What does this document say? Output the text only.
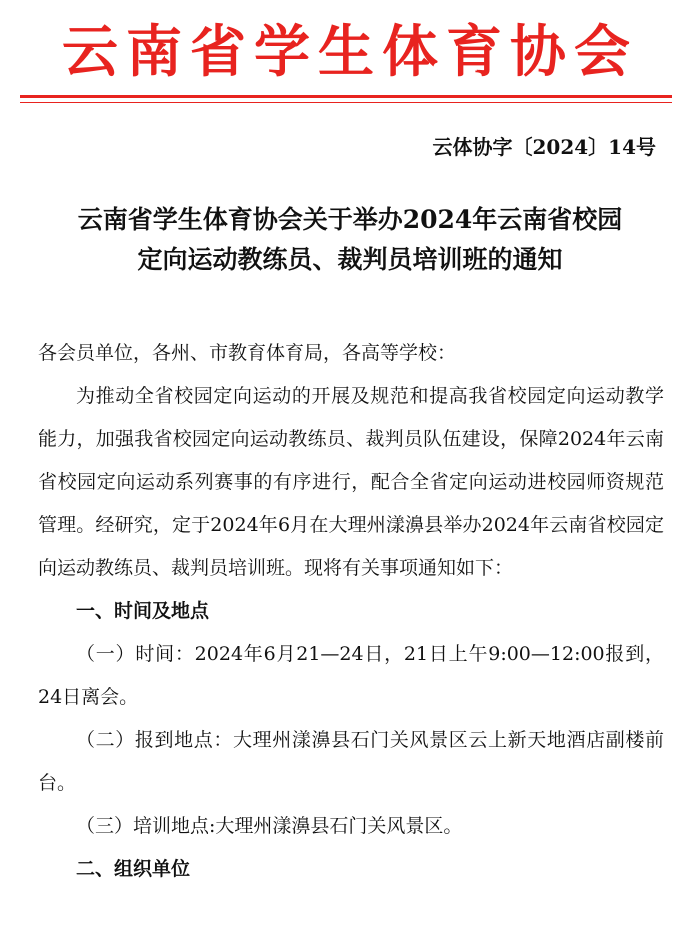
云南省学生体育协会
云体协字〔2024〕14号
云南省学生体育协会关于举办2024年云南省校园
定向运动教练员、裁判员培训班的通知

各会员单位，各州、市教育体育局，各高等学校：

为推动全省校园定向运动的开展及规范和提高我省校园定向运动教学能力，加强我省校园定向运动教练员、裁判员队伍建设，保障2024年云南省校园定向运动系列赛事的有序进行，配合全省定向运动进校园师资规范管理。经研究，定于2024年6月在大理州漾濞县举办2024年云南省校园定向运动教练员、裁判员培训班。现将有关事项通知如下：

一、时间及地点

（一）时间：2024年6月21—24日，21日上午9:00—12:00报到，24日离会。

（二）报到地点：大理州漾濞县石门关风景区云上新天地酒店副楼前台。

（三）培训地点:大理州漾濞县石门关风景区。

二、组织单位
